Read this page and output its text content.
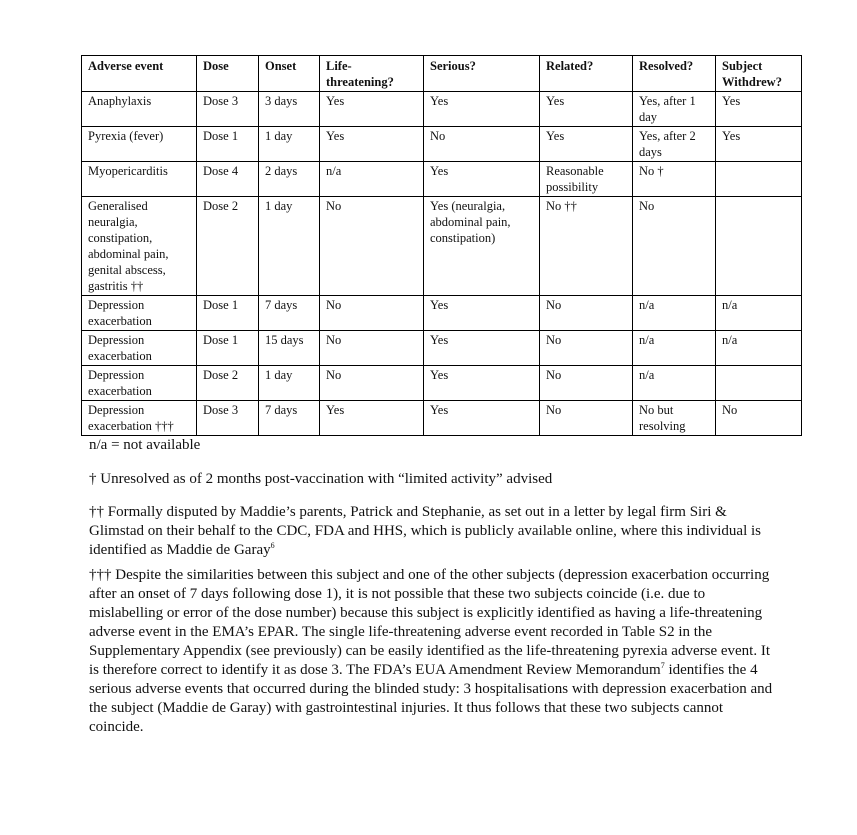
Adverse event	Dose	Onset	Life-threatening?	Serious?	Related?	Resolved?	Subject Withdrew?
Anaphylaxis	Dose 3	3 days	Yes	Yes	Yes	Yes, after 1 day	Yes
Pyrexia (fever)	Dose 1	1 day	Yes	No	Yes	Yes, after 2 days	Yes
Myopericarditis	Dose 4	2 days	n/a	Yes	Reasonable possibility	No †	
Generalised neuralgia, constipation, abdominal pain, genital abscess, gastritis ††	Dose 2	1 day	No	Yes (neuralgia, abdominal pain, constipation)	No ††	No	
Depression exacerbation	Dose 1	7 days	No	Yes	No	n/a	n/a
Depression exacerbation	Dose 1	15 days	No	Yes	No	n/a	n/a
Depression exacerbation	Dose 2	1 day	No	Yes	No	n/a	
Depression exacerbation †††	Dose 3	7 days	Yes	Yes	No	No but resolving	No
n/a = not available
† Unresolved as of 2 months post-vaccination with “limited activity” advised

†† Formally disputed by Maddie’s parents, Patrick and Stephanie, as set out in a letter by legal firm Siri & Glimstad on their behalf to the CDC, FDA and HHS, which is publicly available online, where this individual is identified as Maddie de Garay$^6$

††† Despite the similarities between this subject and one of the other subjects (depression exacerbation occurring after an onset of 7 days following dose 1), it is not possible that these two subjects coincide (i.e. due to mislabelling or error of the dose number) because this subject is explicitly identified as having a life-threatening adverse event in the EMA’s EPAR. The single life-threatening adverse event recorded in Table S2 in the Supplementary Appendix (see previously) can be easily identified as the life-threatening pyrexia adverse event. It is therefore correct to identify it as dose 3. The FDA’s EUA Amendment Review Memorandum$^7$ identifies the 4 serious adverse events that occurred during the blinded study: 3 hospitalisations with depression exacerbation and the subject (Maddie de Garay) with gastrointestinal injuries. It thus follows that these two subjects cannot coincide.
